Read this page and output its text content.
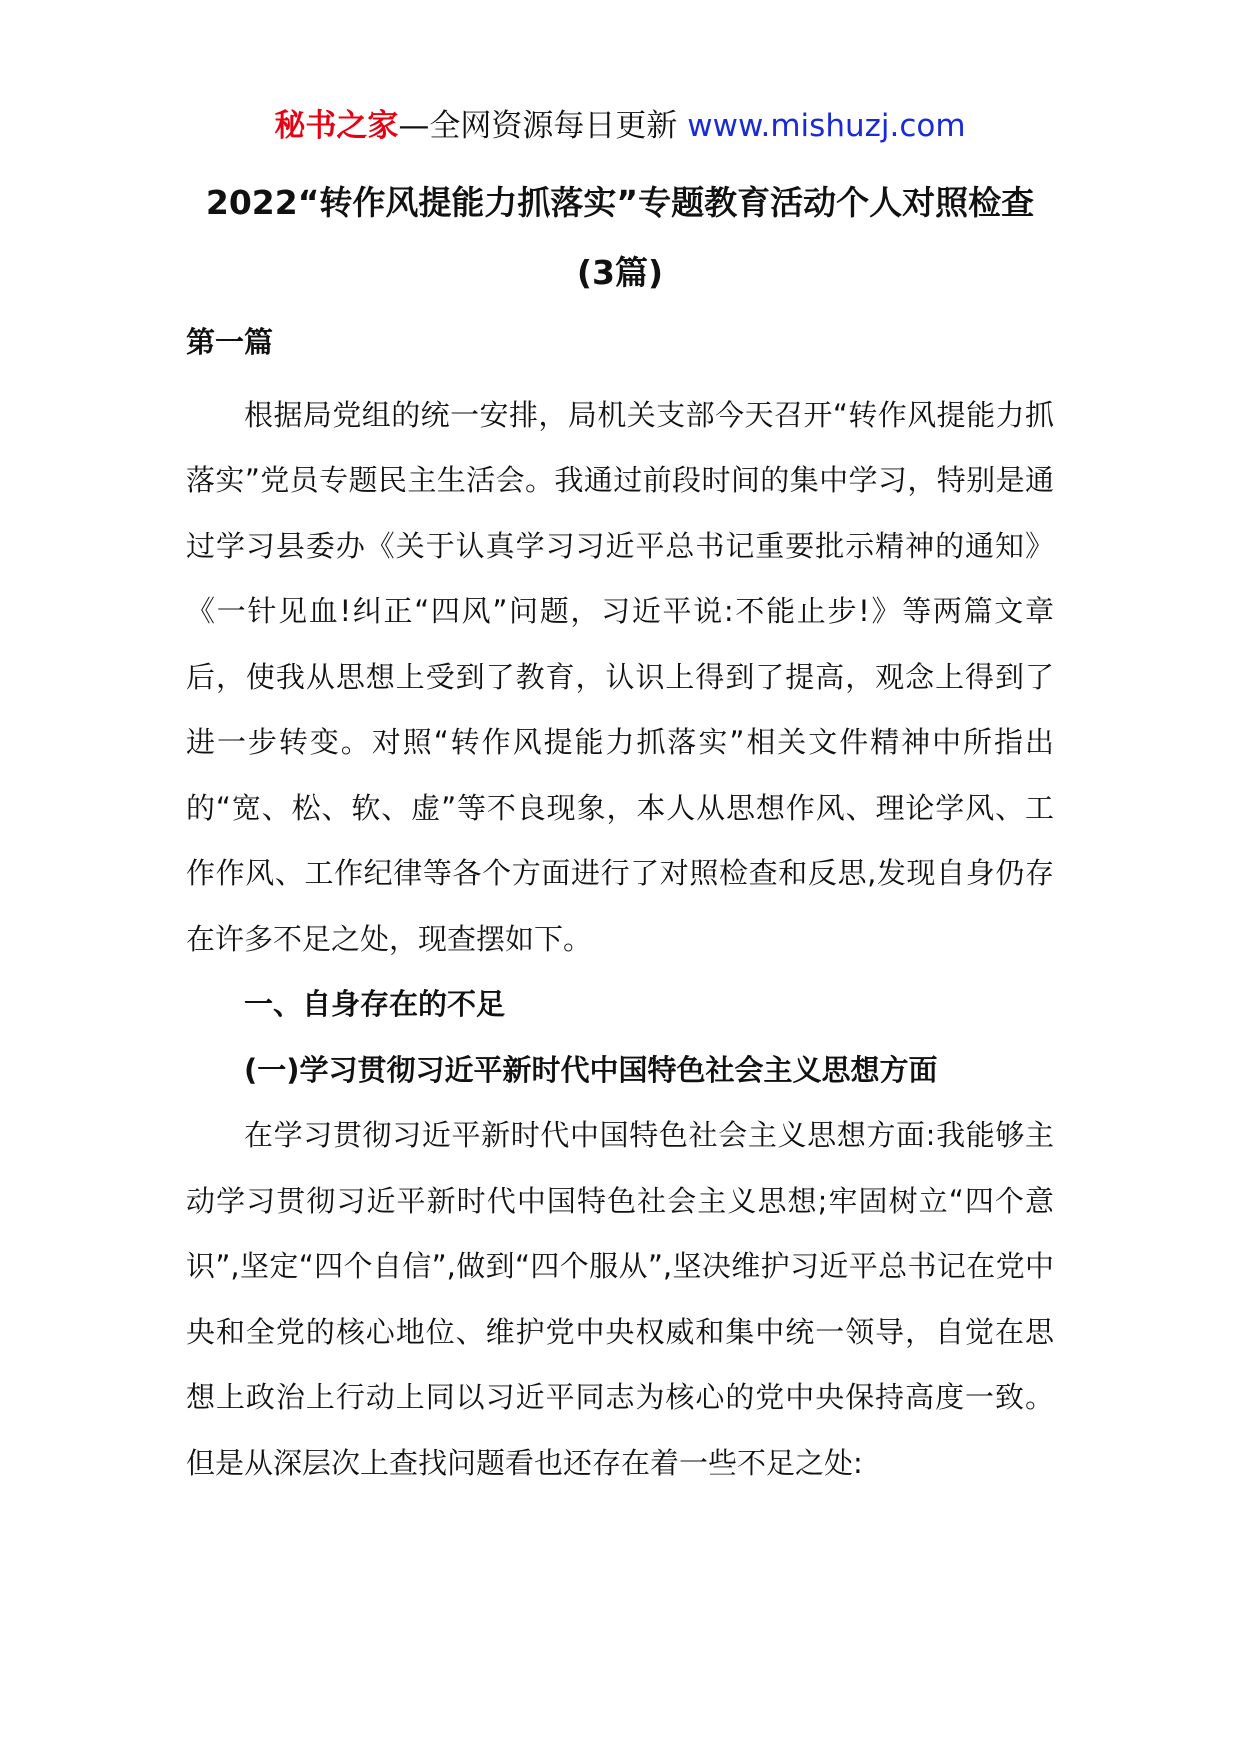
秘书之家—全网资源每日更新 www.mishuzj.com
2022“转作风提能力抓落实”专题教育活动个人对照检查
(3篇)

第一篇

根据局党组的统一安排，局机关支部今天召开“转作风提能力抓落实”党员专题民主生活会。我通过前段时间的集中学习，特别是通过学习县委办《关于认真学习习近平总书记重要批示精神的通知》《一针见血!纠正“四风”问题，习近平说:不能止步!》等两篇文章后，使我从思想上受到了教育，认识上得到了提高，观念上得到了进一步转变。对照“转作风提能力抓落实”相关文件精神中所指出的“宽、松、软、虚”等不良现象，本人从思想作风、理论学风、工作作风、工作纪律等各个方面进行了对照检查和反思,发现自身仍存在许多不足之处，现查摆如下。

一、自身存在的不足

(一)学习贯彻习近平新时代中国特色社会主义思想方面

在学习贯彻习近平新时代中国特色社会主义思想方面:我能够主动学习贯彻习近平新时代中国特色社会主义思想;牢固树立“四个意识”,坚定“四个自信”,做到“四个服从”,坚决维护习近平总书记在党中央和全党的核心地位、维护党中央权威和集中统一领导，自觉在思想上政治上行动上同以习近平同志为核心的党中央保持高度一致。但是从深层次上查找问题看也还存在着一些不足之处:
